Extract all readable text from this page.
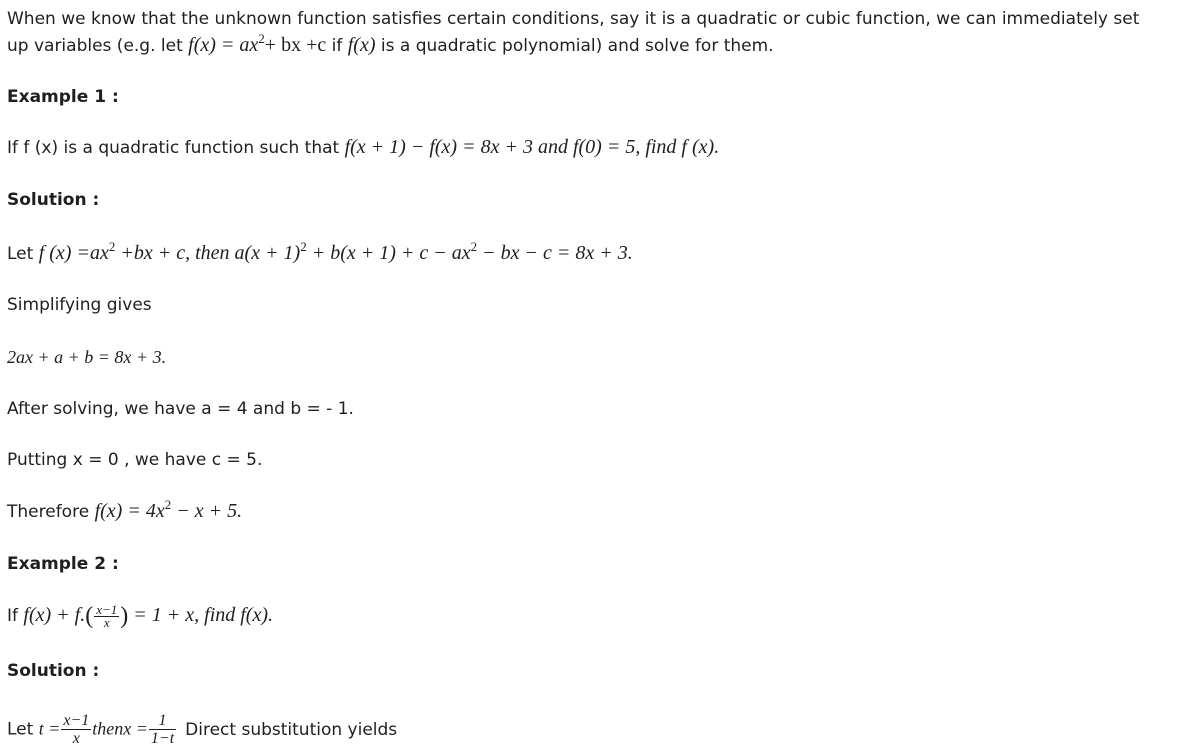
When we know that the unknown function satisfies certain conditions, say it is a quadratic or cubic function, we can immediately set
up variables (e.g. let $f(x) = ax^2+$ bx +c if f(x) is a quadratic polynomial) and solve for them.
Example 1 :
If f (x) is a quadratic function such that f(x + 1) − f(x) = 8x + 3 and f(0) = 5, find f (x).
Solution :
Let f $(x) =ax^2 +bx + c$, then $a(x + 1)^2 + b(x + 1) + c - ax^2$ − bx − c = 8x + 3.
Simplifying gives
2ax + a + b = 8x + 3.
After solving, we have a = 4 and b = - 1.
Putting x = 0 , we have c = 5.
Therefore $f(x) = 4x^2 - x + 5$.
Example 2 :
If $f(x) + f.( \frac{x-1}{x}$ ) = 1 + x, find f(x).
Solution :
Let $t = \frac{x-1}{x}$ thenx = $\frac{1}{1-t}$ Direct substitution yields
